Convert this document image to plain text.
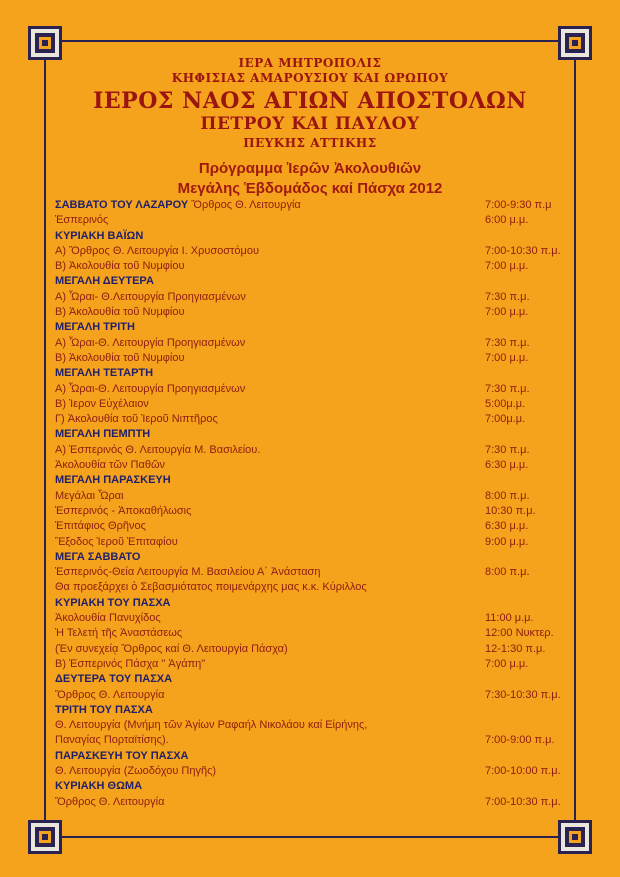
ΙΕΡΑ ΜΗΤΡΟΠΟΛΙΣ
ΚΗΦΙΣΙΑΣ ΑΜΑΡΟΥΣΙΟΥ ΚΑΙ ΩΡΩΠΟΥ
ΙΕΡΟΣ ΝΑΟΣ ΑΓΙΩΝ ΑΠΟΣΤΟΛΩΝ
ΠΕΤΡΟΥ ΚΑΙ ΠΑΥΛΟΥ
ΠΕΥΚΗΣ ΑΤΤΙΚΗΣ
Πρόγραμμα Ἱερῶν Ἀκολουθιῶν
Μεγάλης Ἑβδομάδος καί Πάσχα 2012
ΣΑΒΒΑΤΟ ΤΟΥ ΛΑΖΑΡΟΥ Ὄρθρος Θ. Λειτουργία	7:00-9:30 π.μ
Ἑσπερινός	6:00 μ.μ.
ΚΥΡΙΑΚΗ ΒΑΪΩΝ
Α) Ὄρθρος Θ. Λειτουργία Ι. Χρυσοστόμου	7:00-10:30 π.μ.
Β) Ἀκολουθία τοῦ Νυμφίου	7:00 μ.μ.
ΜΕΓΑΛΗ ΔΕΥΤΕΡΑ
Α) Ὧραι- Θ.Λειτουργία Προηγιασμένων	7:30 π.μ.
Β) Ἀκολουθία τοῦ Νυμφίου	7:00 μ.μ.
ΜΕΓΑΛΗ ΤΡΙΤΗ
Α) Ὧραι-Θ. Λειτουργία Προηγιασμένων	7:30 π.μ.
Β) Ἀκολουθία τοῦ Νυμφίου	7:00 μ.μ.
ΜΕΓΑΛΗ ΤΕΤΑΡΤΗ
Α) Ὧραι-Θ. Λειτουργία Προηγιασμένων	7:30 π.μ.
Β) Ἱερον Εὐχέλαιον	5:00μ.μ.
Γ) Ἀκολουθία τοῦ Ἱεροῦ Νιπτῆρος	7:00μ.μ.
ΜΕΓΑΛΗ ΠΕΜΠΤΗ
Α) Ἑσπερινός Θ. Λειτουργία Μ. Βασιλείου.	7:30 π.μ.
Ἀκολουθία τῶν Παθῶν	6:30 μ.μ.
ΜΕΓΑΛΗ ΠΑΡΑΣΚΕΥΗ
Μεγάλαι Ὧραι	8:00 π.μ.
Ἑσπερινός - Ἀποκαθήλωσις	10:30 π.μ.
Ἐπιτάφιος Θρῆνος	6:30 μ.μ.
Ἔξοδος Ἱεροῦ Ἐπιταφίου	9:00 μ.μ.
ΜΕΓΑ ΣΑΒΒΑΤΟ
Ἑσπερινός-Θεία Λειτουργία Μ. Βασιλείου Α΄ Ἀνάσταση	8:00 π.μ.
Θα προεξάρχει ὁ Σεβασμιότατος ποιμενάρχης μας κ.κ. Κύριλλος
ΚΥΡΙΑΚΗ ΤΟΥ ΠΑΣΧΑ
Ἀκολουθία Πανυχίδος	11:00 μ.μ.
Ἡ Τελετή τῆς Ἀναστάσεως	12:00 Νυκτερ.
(Ἐν συνεχείᾳ Ὄρθρος καί Θ. Λειτουργία Πάσχα)	12-1:30 π.μ.
Β) Ἑσπερινός Πάσχα " Ἀγάπη"	7:00 μ.μ.
ΔΕΥΤΕΡΑ ΤΟΥ ΠΑΣΧΑ
Ὄρθρος Θ. Λειτουργία	7:30-10:30 π.μ.
ΤΡΙΤΗ ΤΟΥ ΠΑΣΧΑ
Θ. Λειτουργία (Μνήμη τῶν Ἁγίων Ραφαήλ Νικολάου καί Εἰρήνης,
Παναγίας Πορταϊτίσης).	7:00-9:00 π.μ.
ΠΑΡΑΣΚΕΥΗ ΤΟΥ ΠΑΣΧΑ
Θ. Λειτουργία (Ζωοδόχου Πηγῆς)	7:00-10:00 π.μ.
ΚΥΡΙΑΚΗ ΘΩΜΑ
Ὄρθρος Θ. Λειτουργία	7:00-10:30 π.μ.
